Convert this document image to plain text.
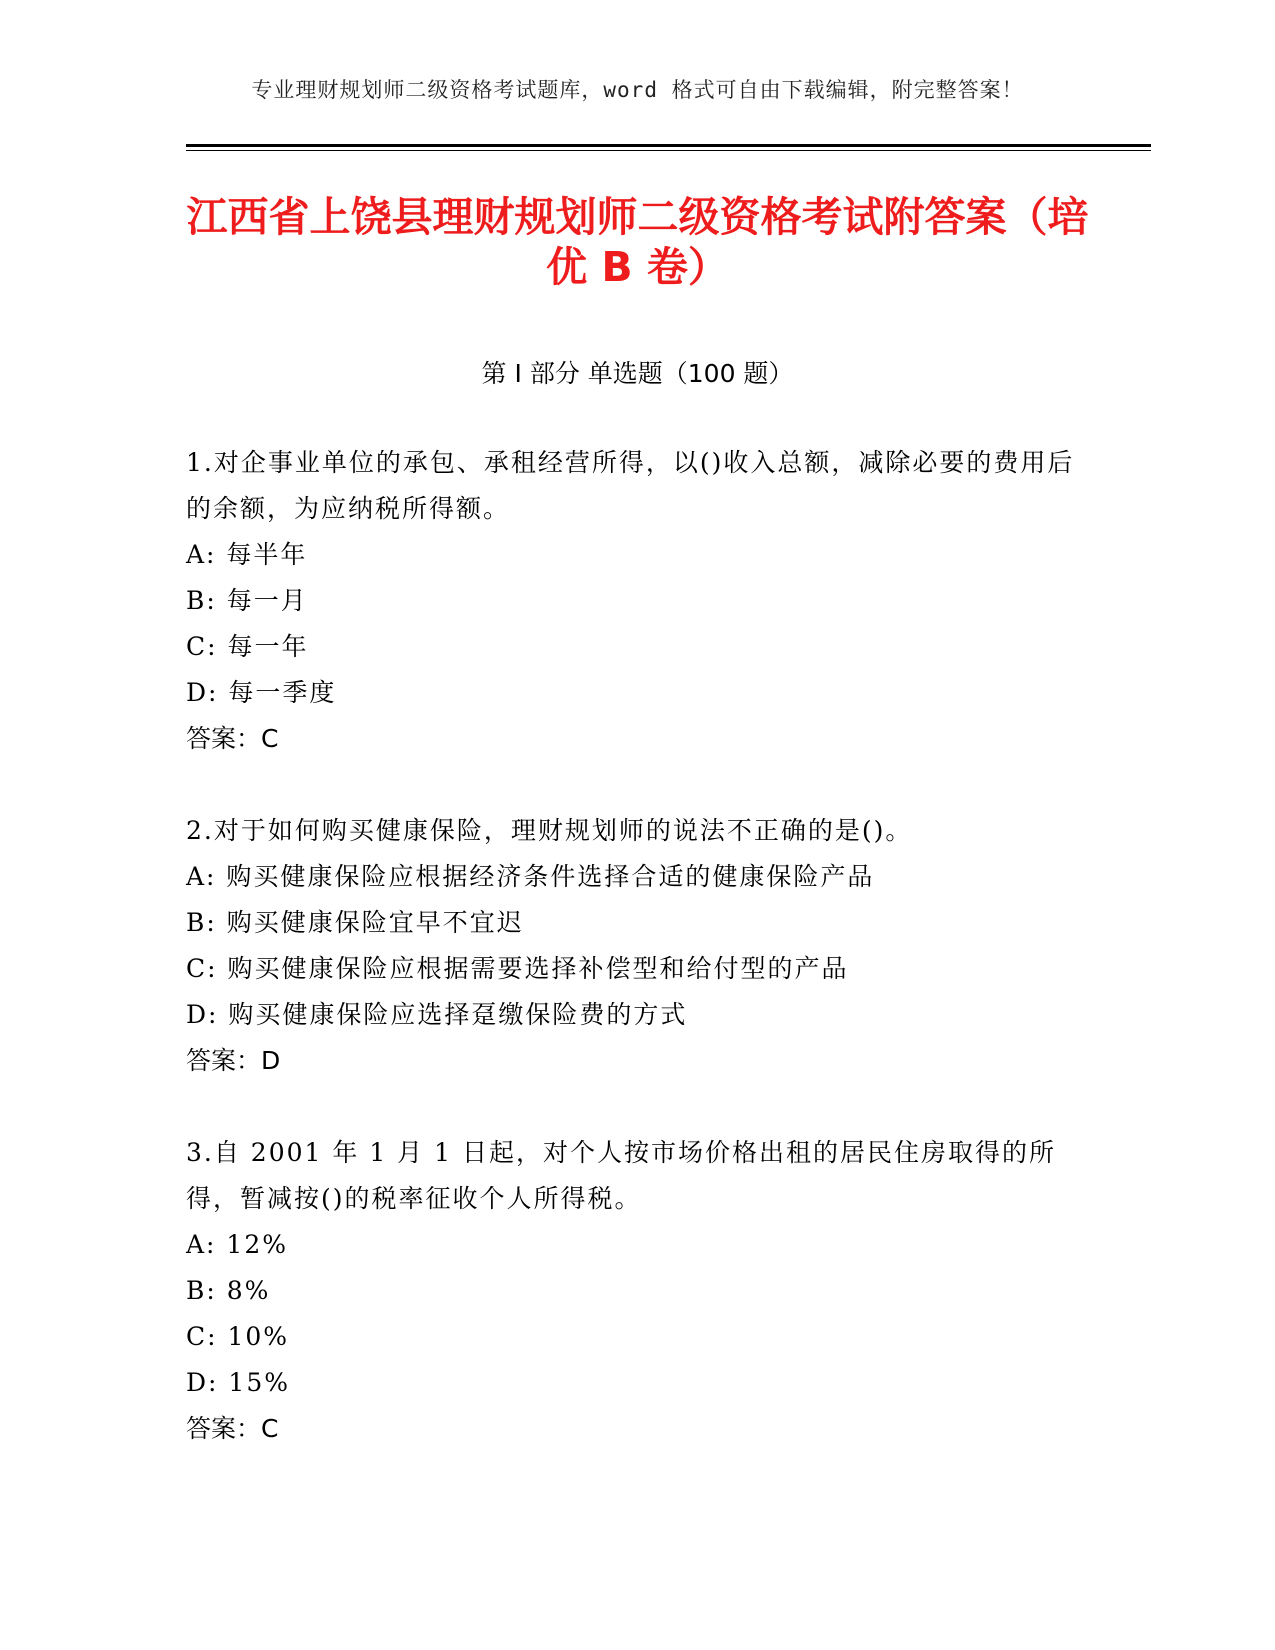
专业理财规划师二级资格考试题库，word 格式可自由下载编辑，附完整答案！
江西省上饶县理财规划师二级资格考试附答案（培优 B 卷）
第 I 部分 单选题（100 题）
1.对企事业单位的承包、承租经营所得，以()收入总额，减除必要的费用后的余额，为应纳税所得额。
A: 每半年
B: 每一月
C: 每一年
D: 每一季度
答案：C
2.对于如何购买健康保险，理财规划师的说法不正确的是()。
A: 购买健康保险应根据经济条件选择合适的健康保险产品
B: 购买健康保险宜早不宜迟
C: 购买健康保险应根据需要选择补偿型和给付型的产品
D: 购买健康保险应选择趸缴保险费的方式
答案：D
3.自 2001 年 1 月 1 日起，对个人按市场价格出租的居民住房取得的所得，暂减按()的税率征收个人所得税。
A: 12%
B: 8%
C: 10%
D: 15%
答案：C
